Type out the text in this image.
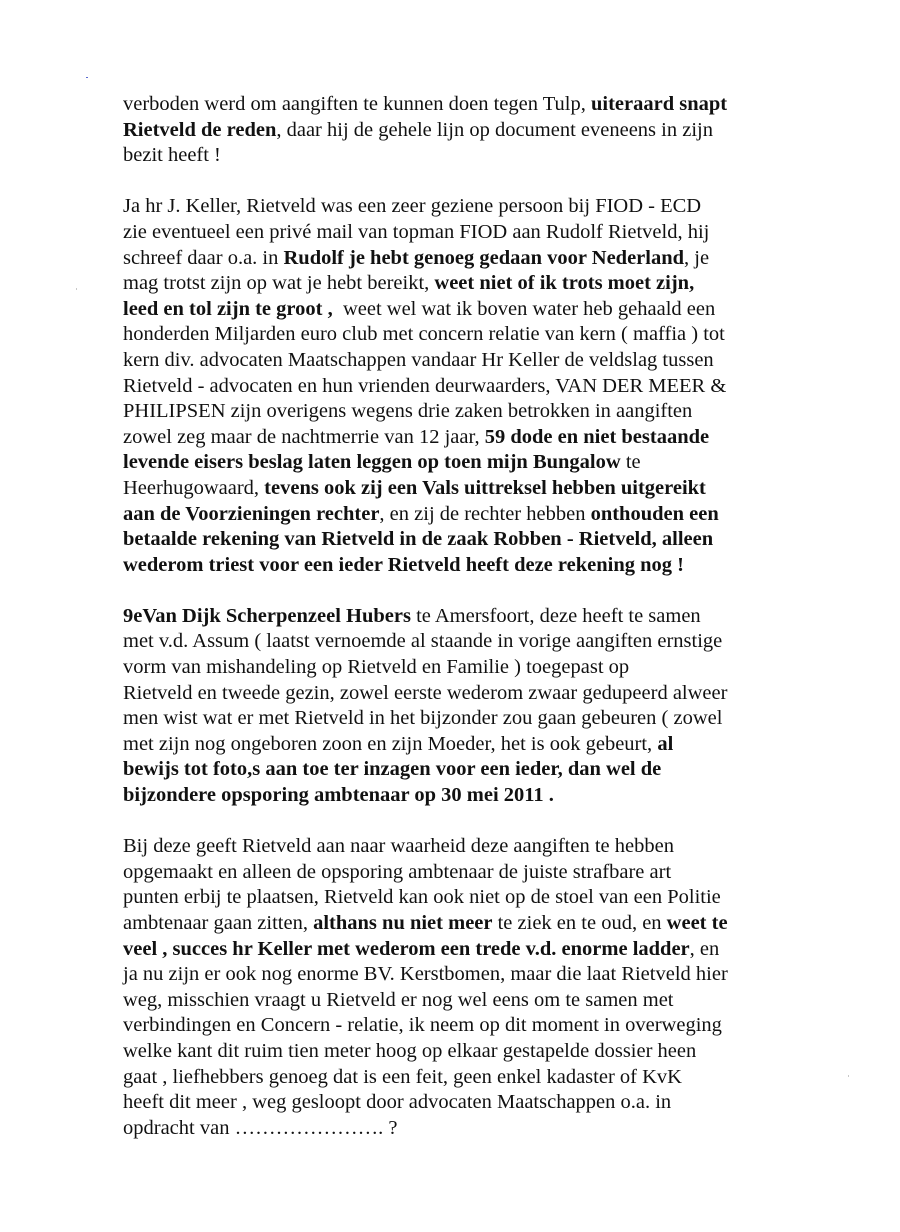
verboden werd om aangiften te kunnen doen tegen Tulp, uiteraard snapt
Rietveld de reden, daar hij de gehele lijn op document eveneens in zijn
bezit heeft !
Ja hr J. Keller, Rietveld was een zeer geziene persoon bij FIOD - ECD
zie eventueel een privé mail van topman FIOD aan Rudolf Rietveld, hij
schreef daar o.a. in Rudolf je hebt genoeg gedaan voor Nederland, je
mag trotst zijn op wat je hebt bereikt, weet niet of ik trots moet zijn,
leed en tol zijn te groot ,  weet wel wat ik boven water heb gehaald een
honderden Miljarden euro club met concern relatie van kern ( maffia ) tot
kern div. advocaten Maatschappen vandaar Hr Keller de veldslag tussen
Rietveld - advocaten en hun vrienden deurwaarders, VAN DER MEER &
PHILIPSEN zijn overigens wegens drie zaken betrokken in aangiften
zowel zeg maar de nachtmerrie van 12 jaar, 59 dode en niet bestaande
levende eisers beslag laten leggen op toen mijn Bungalow te
Heerhugowaard, tevens ook zij een Vals uittreksel hebben uitgereikt
aan de Voorzieningen rechter, en zij de rechter hebben onthouden een
betaalde rekening van Rietveld in de zaak Robben - Rietveld, alleen
wederom triest voor een ieder Rietveld heeft deze rekening nog !
9eVan Dijk Scherpenzeel Hubers te Amersfoort, deze heeft te samen
met v.d. Assum ( laatst vernoemde al staande in vorige aangiften ernstige
vorm van mishandeling op Rietveld en Familie ) toegepast op
Rietveld en tweede gezin, zowel eerste wederom zwaar gedupeerd alweer
men wist wat er met Rietveld in het bijzonder zou gaan gebeuren ( zowel
met zijn nog ongeboren zoon en zijn Moeder, het is ook gebeurt, al
bewijs tot foto,s aan toe ter inzagen voor een ieder, dan wel de
bijzondere opsporing ambtenaar op 30 mei 2011 .
Bij deze geeft Rietveld aan naar waarheid deze aangiften te hebben
opgemaakt en alleen de opsporing ambtenaar de juiste strafbare art
punten erbij te plaatsen, Rietveld kan ook niet op de stoel van een Politie
ambtenaar gaan zitten, althans nu niet meer te ziek en te oud, en weet te
veel , succes hr Keller met wederom een trede v.d. enorme ladder, en
ja nu zijn er ook nog enorme BV. Kerstbomen, maar die laat Rietveld hier
weg, misschien vraagt u Rietveld er nog wel eens om te samen met
verbindingen en Concern - relatie, ik neem op dit moment in overweging
welke kant dit ruim tien meter hoog op elkaar gestapelde dossier heen
gaat , liefhebbers genoeg dat is een feit, geen enkel kadaster of KvK
heeft dit meer , weg gesloopt door advocaten Maatschappen o.a. in
opdracht van …………………. ?
